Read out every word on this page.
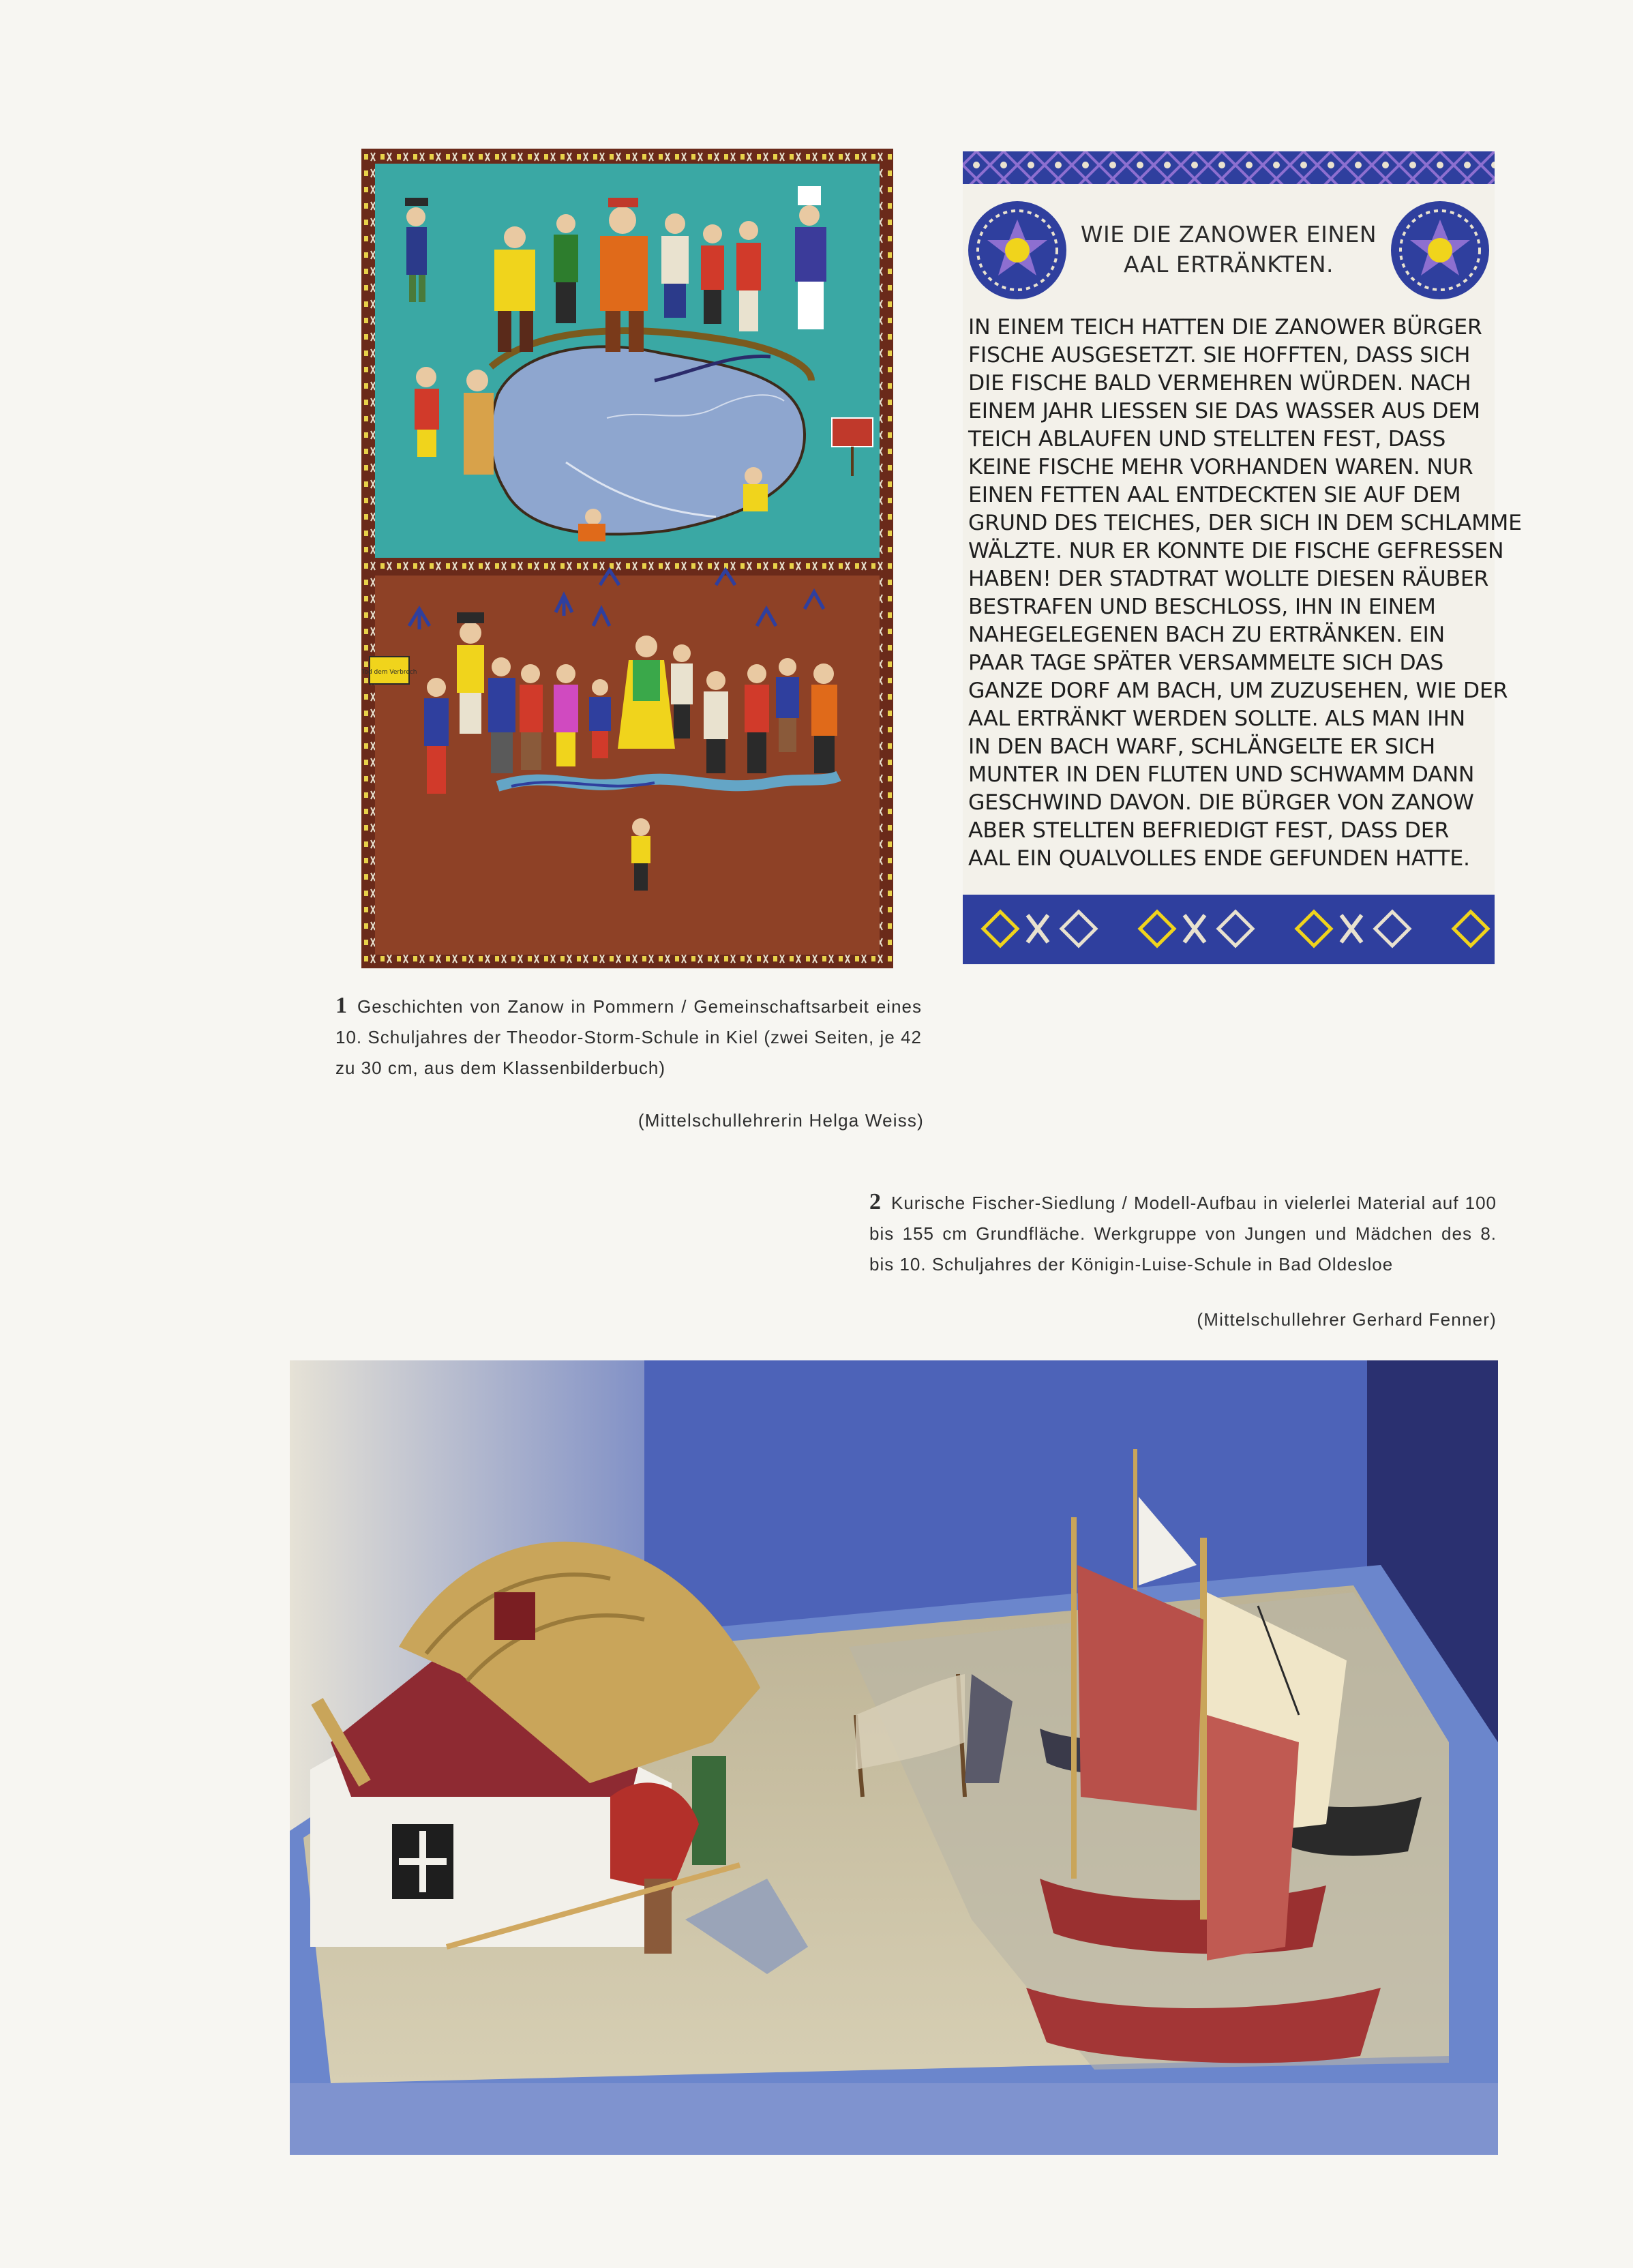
Tod dem Verbrech
WIE DIE ZANOWER EINEN
AAL ERTRÄNKTEN.
IN EINEM TEICH HATTEN DIE ZANOWER BÜRGER
FISCHE AUSGESETZT. SIE HOFFTEN, DASS SICH
DIE FISCHE BALD VERMEHREN WÜRDEN. NACH
EINEM JAHR LIESSEN SIE DAS WASSER AUS DEM
TEICH ABLAUFEN UND STELLTEN FEST, DASS
KEINE FISCHE MEHR VORHANDEN WAREN. NUR
EINEN FETTEN AAL ENTDECKTEN SIE AUF DEM
GRUND DES TEICHES, DER SICH IN DEM SCHLAMME
WÄLZTE. NUR ER KONNTE DIE FISCHE GEFRESSEN
HABEN! DER STADTRAT WOLLTE DIESEN RÄUBER
BESTRAFEN UND BESCHLOSS, IHN IN EINEM
NAHEGELEGENEN BACH ZU ERTRÄNKEN. EIN
PAAR TAGE SPÄTER VERSAMMELTE SICH DAS
GANZE DORF AM BACH, UM ZUZUSEHEN, WIE DER
AAL ERTRÄNKT WERDEN SOLLTE. ALS MAN IHN
IN DEN BACH WARF, SCHLÄNGELTE ER SICH
MUNTER IN DEN FLUTEN UND SCHWAMM DANN
GESCHWIND DAVON. DIE BÜRGER VON ZANOW
ABER STELLTEN BEFRIEDIGT FEST, DASS DER
AAL EIN QUALVOLLES ENDE GEFUNDEN HATTE.
1 Geschichten von Zanow in Pommern / Gemeinschaftsarbeit eines 10. Schuljahres der Theodor-Storm-Schule in Kiel (zwei Seiten, je 42 zu 30 cm, aus dem Klassenbilderbuch)
(Mittelschullehrerin Helga Weiss)
2 Kurische Fischer-Siedlung / Modell-Aufbau in vielerlei Material auf 100 bis 155 cm Grundfläche. Werkgruppe von Jungen und Mädchen des 8. bis 10. Schuljahres der Königin-Luise-Schule in Bad Oldesloe
(Mittelschullehrer Gerhard Fenner)
